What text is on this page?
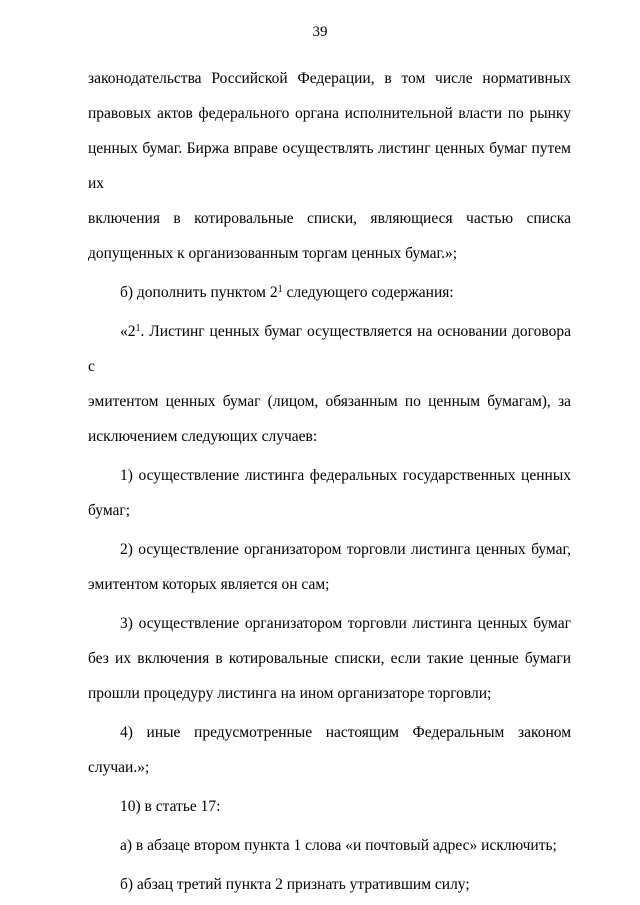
39
законодательства Российской Федерации, в том числе нормативных
правовых актов федерального органа исполнительной власти по рынку
ценных бумаг. Биржа вправе осуществлять листинг ценных бумаг путем их
включения в котировальные списки, являющиеся частью списка
допущенных к организованным торгам ценных бумаг.»;
б) дополнить пунктом $2^1$ следующего содержания:
«$2^1$. Листинг ценных бумаг осуществляется на основании договора с
эмитентом ценных бумаг (лицом, обязанным по ценным бумагам), за
исключением следующих случаев:
1) осуществление листинга федеральных государственных ценных
бумаг;
2) осуществление организатором торговли листинга ценных бумаг,
эмитентом которых является он сам;
3) осуществление организатором торговли листинга ценных бумаг
без их включения в котировальные списки, если такие ценные бумаги
прошли процедуру листинга на ином организаторе торговли;
4) иные предусмотренные настоящим Федеральным законом
случаи.»;
10) в статье 17:
а) в абзаце втором пункта 1 слова «и почтовый адрес» исключить;
б) абзац третий пункта 2 признать утратившим силу;
